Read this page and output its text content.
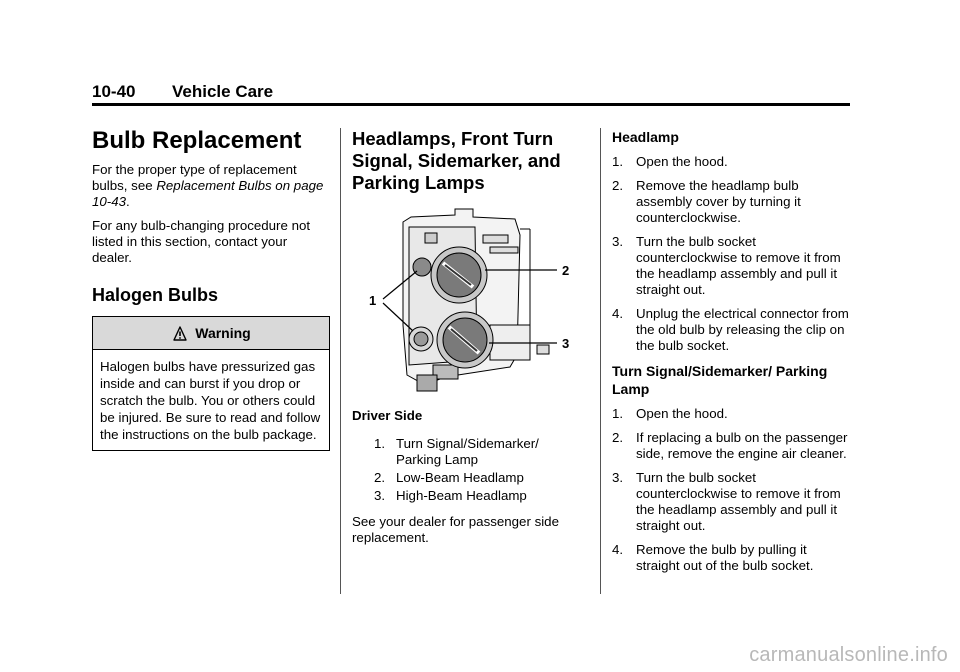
10-40 Vehicle Care
Bulb Replacement

For the proper type of replacement bulbs, see Replacement Bulbs on page 10-43.

For any bulb-changing procedure not listed in this section, contact your dealer.

Halogen Bulbs
Warning
Halogen bulbs have pressurized gas inside and can burst if you drop or scratch the bulb. You or others could be injured. Be sure to read and follow the instructions on the bulb package.
Headlamps, Front Turn Signal, Sidemarker, and Parking Lamps
1
2
3
Driver Side
1. Turn Signal/Sidemarker/ Parking Lamp
2. Low-Beam Headlamp
3. High-Beam Headlamp

See your dealer for passenger side replacement.

Headlamp
1. Open the hood.
2. Remove the headlamp bulb assembly cover by turning it counterclockwise.
3. Turn the bulb socket counterclockwise to remove it from the headlamp assembly and pull it straight out.
4. Unplug the electrical connector from the old bulb by releasing the clip on the bulb socket.
Turn Signal/Sidemarker/ Parking Lamp
1. Open the hood.
2. If replacing a bulb on the passenger side, remove the engine air cleaner.
3. Turn the bulb socket counterclockwise to remove it from the headlamp assembly and pull it straight out.
4. Remove the bulb by pulling it straight out of the bulb socket.
carmanualsonline.info
